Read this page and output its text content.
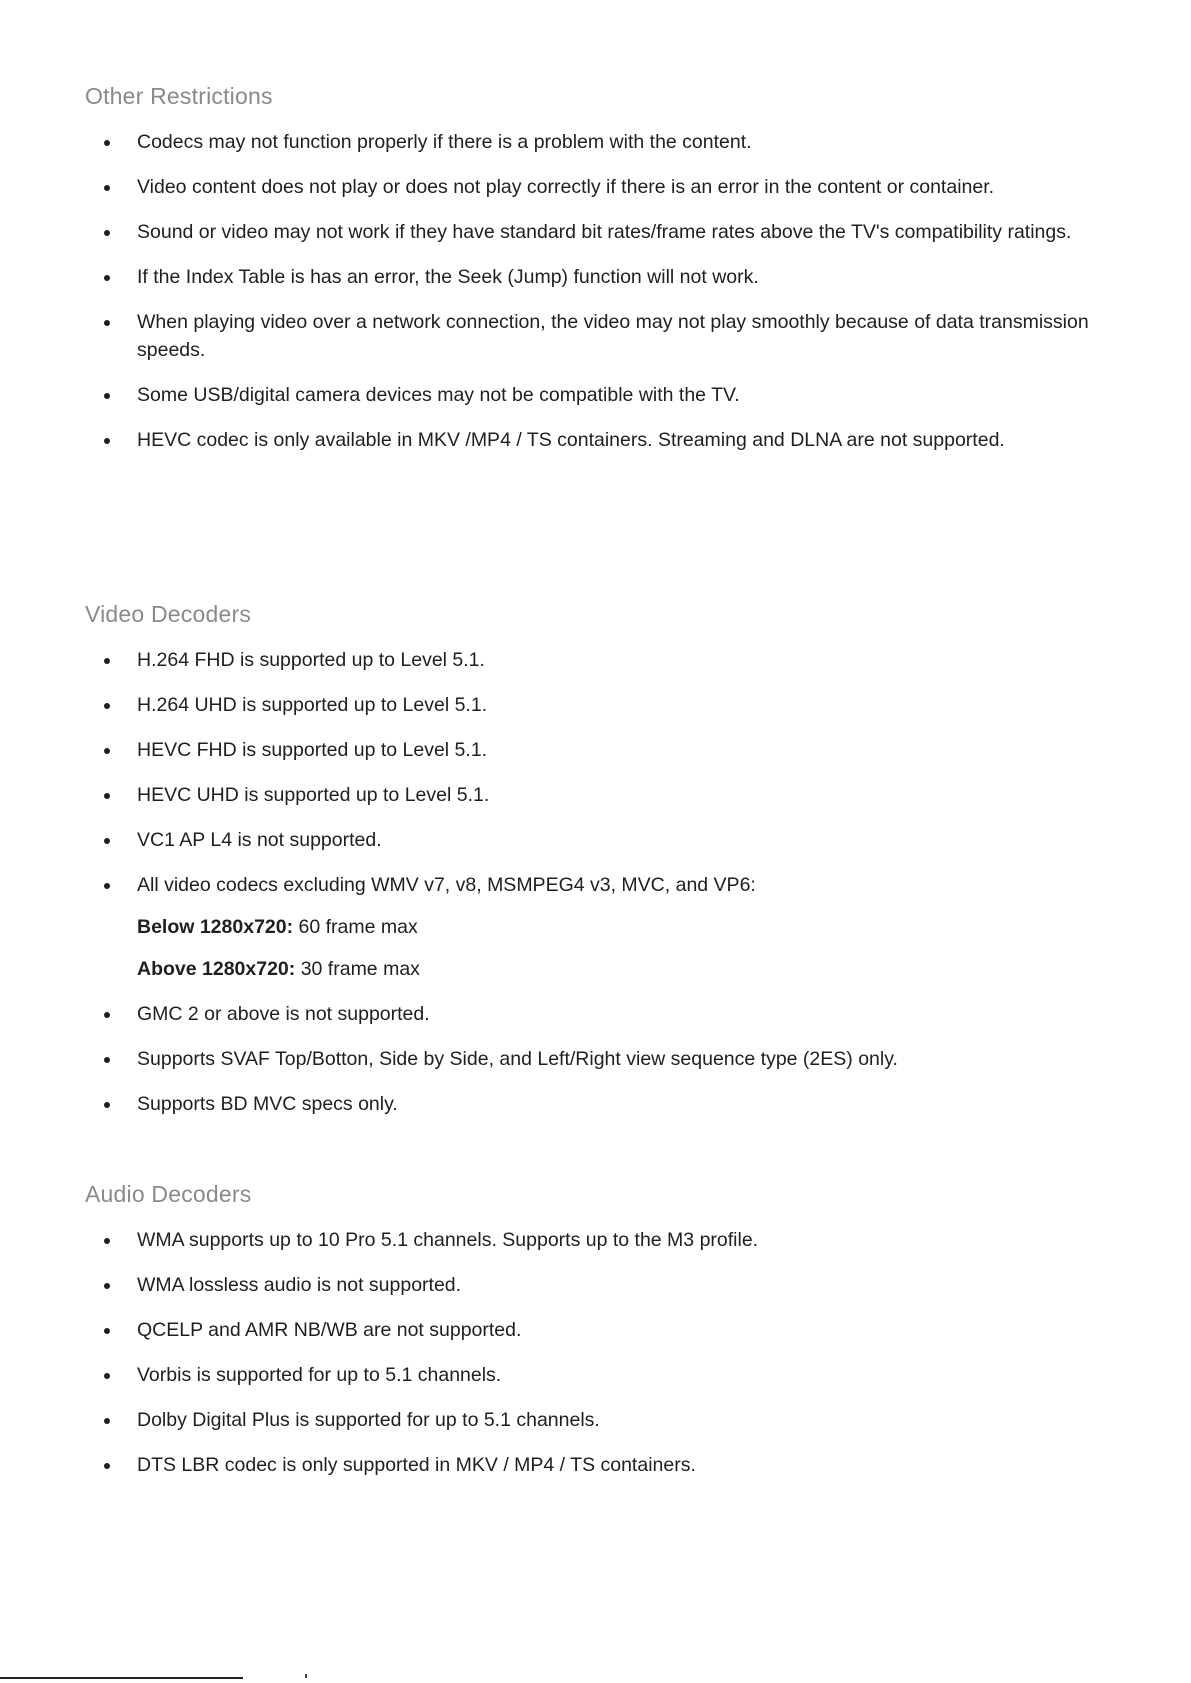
Other Restrictions
Codecs may not function properly if there is a problem with the content.
Video content does not play or does not play correctly if there is an error in the content or container.
Sound or video may not work if they have standard bit rates/frame rates above the TV's compatibility ratings.
If the Index Table is has an error, the Seek (Jump) function will not work.
When playing video over a network connection, the video may not play smoothly because of data transmission speeds.
Some USB/digital camera devices may not be compatible with the TV.
HEVC codec is only available in MKV /MP4 / TS containers. Streaming and DLNA are not supported.
Video Decoders
H.264 FHD is supported up to Level 5.1.
H.264 UHD is supported up to Level 5.1.
HEVC FHD is supported up to Level 5.1.
HEVC UHD is supported up to Level 5.1.
VC1 AP L4 is not supported.
All video codecs excluding WMV v7, v8, MSMPEG4 v3, MVC, and VP6:
Below 1280x720: 60 frame max
Above 1280x720: 30 frame max
GMC 2 or above is not supported.
Supports SVAF Top/Botton, Side by Side, and Left/Right view sequence type (2ES) only.
Supports BD MVC specs only.
Audio Decoders
WMA supports up to 10 Pro 5.1 channels. Supports up to the M3 profile.
WMA lossless audio is not supported.
QCELP and AMR NB/WB are not supported.
Vorbis is supported for up to 5.1 channels.
Dolby Digital Plus is supported for up to 5.1 channels.
DTS LBR codec is only supported in MKV / MP4 / TS containers.
